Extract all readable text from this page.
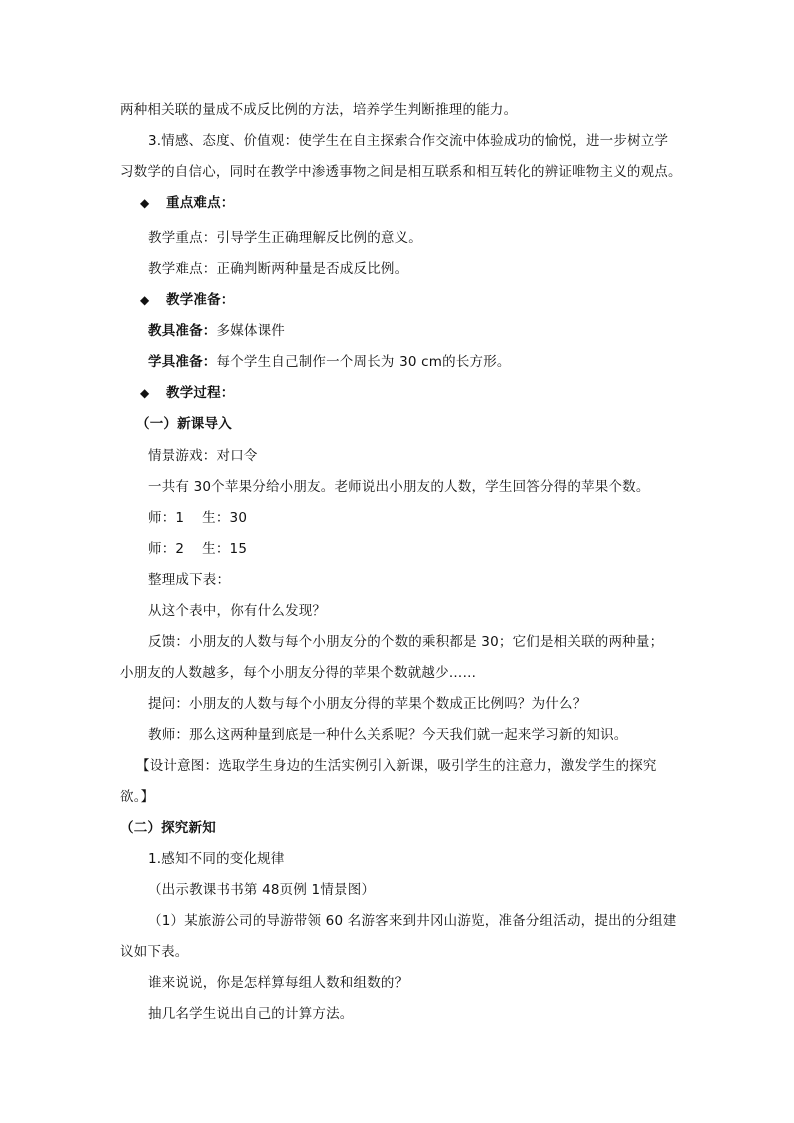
两种相关联的量成不成反比例的方法，培养学生判断推理的能力。
3.情感、态度、价值观：使学生在自主探索合作交流中体验成功的愉悦，进一步树立学
习数学的自信心，同时在教学中渗透事物之间是相互联系和相互转化的辨证唯物主义的观点。
◆ 重点难点：
教学重点：引导学生正确理解反比例的意义。
教学难点：正确判断两种量是否成反比例。
◆ 教学准备：
教具准备：多媒体课件
学具准备：每个学生自己制作一个周长为 30 cm的长方形。
◆ 教学过程：
（一）新课导入
情景游戏：对口令
一共有 30个苹果分给小朋友。老师说出小朋友的人数，学生回答分得的苹果个数。
师：1    生：30
师：2    生：15
整理成下表：
从这个表中，你有什么发现？
反馈：小朋友的人数与每个小朋友分的个数的乘积都是 30；它们是相关联的两种量；
小朋友的人数越多，每个小朋友分得的苹果个数就越少……
提问：小朋友的人数与每个小朋友分得的苹果个数成正比例吗？为什么？
教师：那么这两种量到底是一种什么关系呢？今天我们就一起来学习新的知识。
【设计意图：选取学生身边的生活实例引入新课，吸引学生的注意力，激发学生的探究
欲。】
（二）探究新知
1.感知不同的变化规律
（出示教课书书第 48页例 1情景图）
（1）某旅游公司的导游带领 60 名游客来到井冈山游览，准备分组活动，提出的分组建
议如下表。
谁来说说，你是怎样算每组人数和组数的？
抽几名学生说出自己的计算方法。
